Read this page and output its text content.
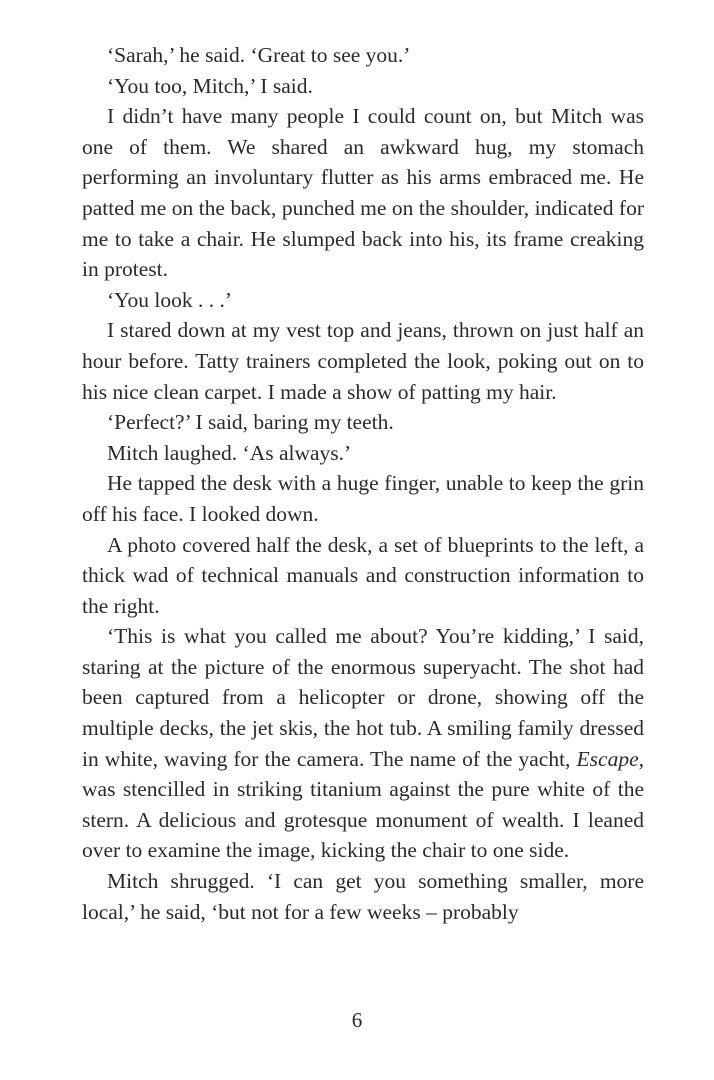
‘Sarah,’ he said. ‘Great to see you.’

‘You too, Mitch,’ I said.

I didn’t have many people I could count on, but Mitch was one of them. We shared an awkward hug, my stomach performing an involuntary flutter as his arms embraced me. He patted me on the back, punched me on the shoulder, indicated for me to take a chair. He slumped back into his, its frame creaking in protest.

‘You look . . .’

I stared down at my vest top and jeans, thrown on just half an hour before. Tatty trainers completed the look, poking out on to his nice clean carpet. I made a show of patting my hair.

‘Perfect?’ I said, baring my teeth.

Mitch laughed. ‘As always.’

He tapped the desk with a huge finger, unable to keep the grin off his face. I looked down.

A photo covered half the desk, a set of blueprints to the left, a thick wad of technical manuals and construction information to the right.

‘This is what you called me about? You’re kidding,’ I said, staring at the picture of the enormous superyacht. The shot had been captured from a helicopter or drone, showing off the multiple decks, the jet skis, the hot tub. A smiling family dressed in white, waving for the camera. The name of the yacht, Escape, was stencilled in striking titanium against the pure white of the stern. A delicious and grotesque monument of wealth. I leaned over to examine the image, kicking the chair to one side.

Mitch shrugged. ‘I can get you something smaller, more local,’ he said, ‘but not for a few weeks – probably

6
